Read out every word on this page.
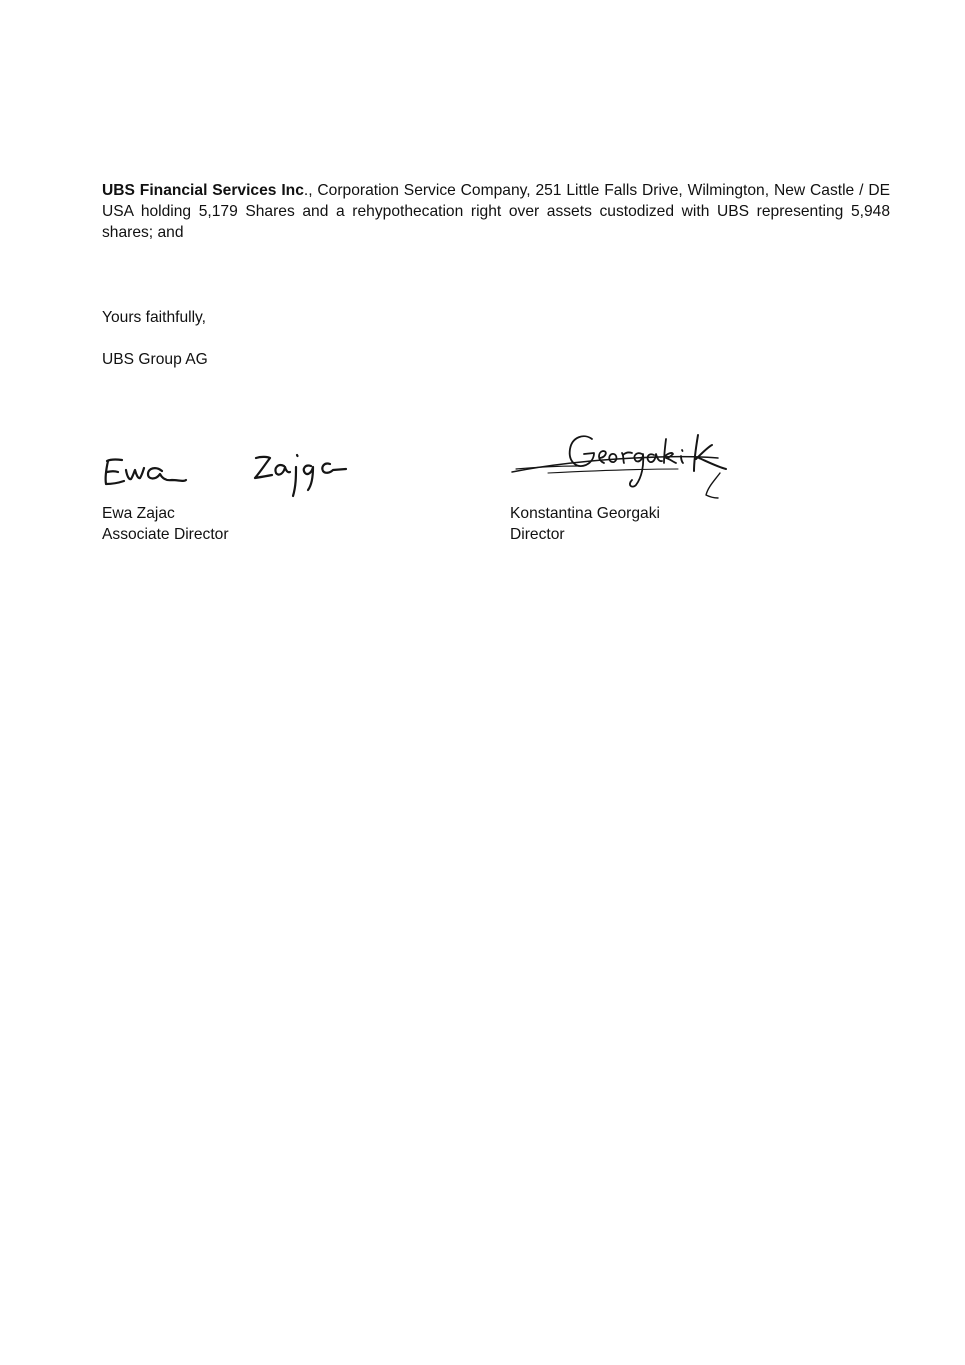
UBS Financial Services Inc., Corporation Service Company, 251 Little Falls Drive, Wilmington, New Castle / DE USA holding 5,179 Shares and a rehypothecation right over assets custodized with UBS representing 5,948 shares; and

Yours faithfully,
UBS Group AG
Ewa Zajac
Associate Director
Konstantina Georgaki
Director
